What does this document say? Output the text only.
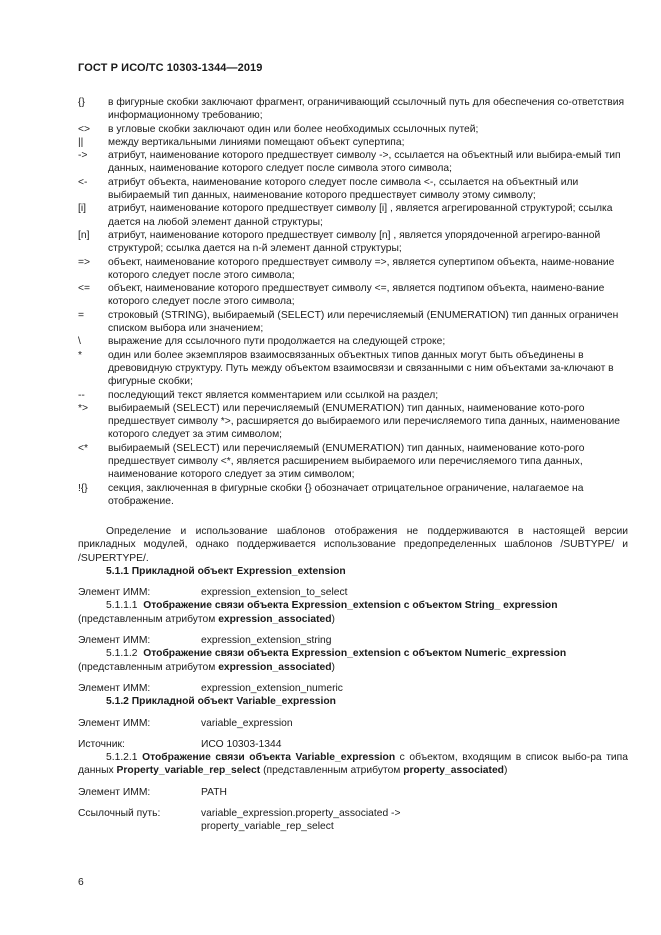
ГОСТ Р ИСО/ТС 10303-1344—2019
{}	в фигурные скобки заключают фрагмент, ограничивающий ссылочный путь для обеспечения со-ответствия информационному требованию;
<>	в угловые скобки заключают один или более необходимых ссылочных путей;
||	между вертикальными линиями помещают объект супертипа;
->	атрибут, наименование которого предшествует символу ->, ссылается на объектный или выбира-емый тип данных, наименование которого следует после символа этого символа;
<-	атрибут объекта, наименование которого следует после символа <-, ссылается на объектный или выбираемый тип данных, наименование которого предшествует символу этому символу;
[i]	атрибут, наименование которого предшествует символу [i] , является агрегированной структурой; ссылка дается на любой элемент данной структуры;
[n]	атрибут, наименование которого предшествует символу [n] , является упорядоченной агрегиро-ванной структурой; ссылка дается на n-й элемент данной структуры;
=>	объект, наименование которого предшествует символу =>, является супертипом объекта, наиме-нование которого следует после этого символа;
<=	объект, наименование которого предшествует символу <=, является подтипом объекта, наимено-вание которого следует после этого символа;
=	строковый (STRING), выбираемый (SELECT) или перечисляемый (ENUMERATION) тип данных ограничен списком выбора или значением;
\	выражение для ссылочного пути продолжается на следующей строке;
*	один или более экземпляров взаимосвязанных объектных типов данных могут быть объединены в древовидную структуру. Путь между объектом взаимосвязи и связанными с ним объектами за-ключают в фигурные скобки;
--	последующий текст является комментарием или ссылкой на раздел;
*>	выбираемый (SELECT) или перечисляемый (ENUMERATION) тип данных, наименование кото-рого предшествует символу *>, расширяется до выбираемого или перечисляемого типа данных, наименование которого следует за этим символом;
<*	выбираемый (SELECT) или перечисляемый (ENUMERATION) тип данных, наименование кото-рого предшествует символу <*, является расширением выбираемого или перечисляемого типа данных, наименование которого следует за этим символом;
!{}	секция, заключенная в фигурные скобки {} обозначает отрицательное ограничение, налагаемое на отображение.

Определение и использование шаблонов отображения не поддерживаются в настоящей версии прикладных модулей, однако поддерживается использование предопределенных шаблонов /SUBTYPE/ и /SUPERTYPE/.

5.1.1 Прикладной объект Expression_extension

Элемент ИММ:	expression_extension_to_select

5.1.1.1 Отображение связи объекта Expression_extension с объектом String_ expression

(представленным атрибутом expression_associated)

Элемент ИММ:	expression_extension_string

5.1.1.2 Отображение связи объекта Expression_extension с объектом Numeric_expression

(представленным атрибутом expression_associated)

Элемент ИММ:	expression_extension_numeric

5.1.2 Прикладной объект Variable_expression

Элемент ИММ:	variable_expression
Источник:	ИСО 10303-1344

5.1.2.1 Отображение связи объекта Variable_expression с объектом, входящим в список выбо-ра типа данных Property_variable_rep_select (представленным атрибутом property_associated)

Элемент ИММ:	PATH
Ссылочный путь:	variable_expression.property_associated ->
property_variable_rep_select
6
